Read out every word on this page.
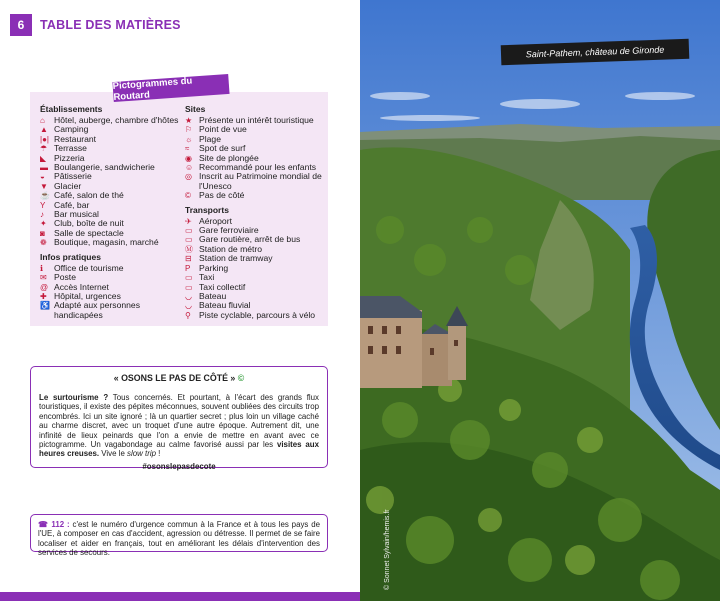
6	TABLE DES MATIÈRES
Établissements
⌂	Hôtel, auberge, chambre d'hôtes
▲ Camping
|●| Restaurant
☂ Terrasse
◣ Pizzeria
▬ Boulangerie, sandwicherie
◒	Pâtisserie
▼ Glacier
☕ Café, salon de thé
Y	Café, bar
♪	Bar musical
✦ Club, boîte de nuit
◙	Salle de spectacle
❁ Boutique, magasin, marché
Infos pratiques
ℹ	Office de tourisme
✉ Poste
@ Accès Internet
✚ Hôpital, urgences
♿ Adapté aux personnes handicapées
Sites
★ Présente un intérêt touristique
⚐ Point de vue
☼ Plage
≈	Spot de surf
◉ Site de plongée
☺ Recommandé pour les enfants
◎ Inscrit au Patrimoine mondial de l'Unesco
© Pas de côté
Transports
✈ Aéroport
▭ Gare ferroviaire
▭ Gare routière, arrêt de bus
Ⓜ Station de métro
⊟ Station de tramway
P	Parking
▭ Taxi
▭ Taxi collectif
◡ Bateau
◡ Bateau fluvial
⚲ Piste cyclable, parcours à vélo
Pictogrammes du Routard
« OSONS LE PAS DE CÔTÉ » ©
Le surtourisme ? Tous concernés. Et pourtant, à l'écart des grands flux touristiques, il existe des pépites méconnues, souvent oubliées des circuits trop encombrés. Ici un site ignoré ; là un quartier secret ; plus loin un village caché au charme discret, avec un troquet d'une autre époque. Autrement dit, une infinité de lieux peinards que l'on a envie de mettre en avant avec ce pictogramme. Un vagabondage au calme favorisé aussi par les visites aux heures creuses. Vive le slow trip !
#osonslepasdecote
☎ 112 : c'est le numéro d'urgence commun à la France et à tous les pays de l'UE, à composer en cas d'accident, agression ou détresse. Il permet de se faire localiser et aider en français, tout en améliorant les délais d'intervention des services de secours.
Saint-Pathem, château de Gironde
© Sonnet Sylvain/hemis.fr
